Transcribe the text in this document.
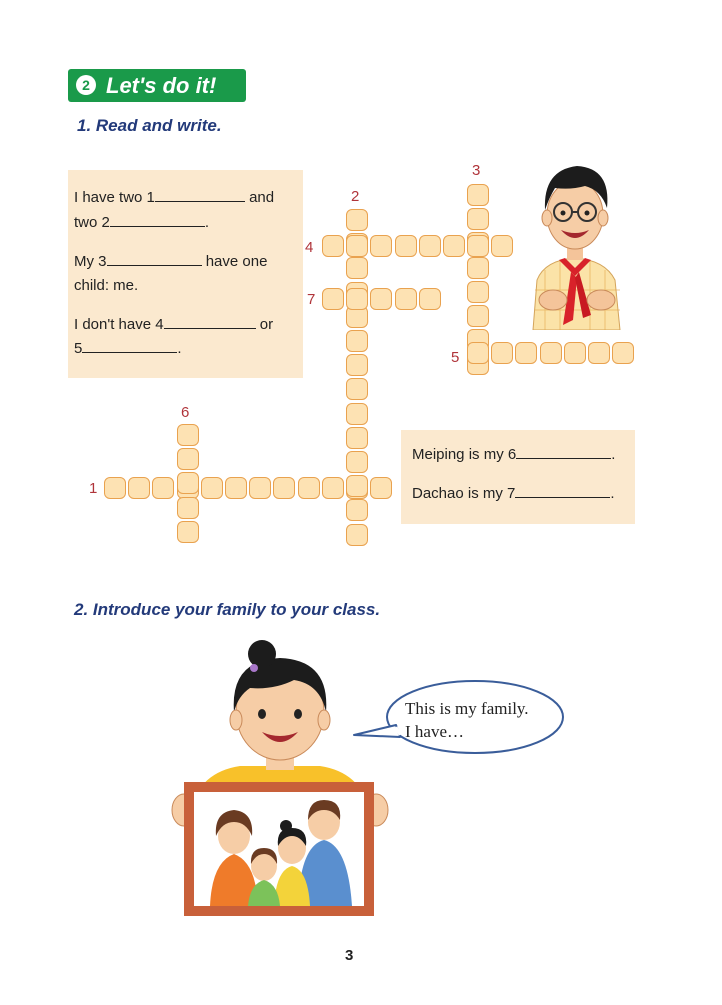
2 Let's do it!
1. Read and write.
I have two 1	and
two 2	.
My 3	have one
child: me.
I don't have 4	or
5	.
Meiping is my 6	.
Dachao is my 7	.
1
2
3
4
5
6
7
2. Introduce your family to your class.
This is my family.
I have…
3
